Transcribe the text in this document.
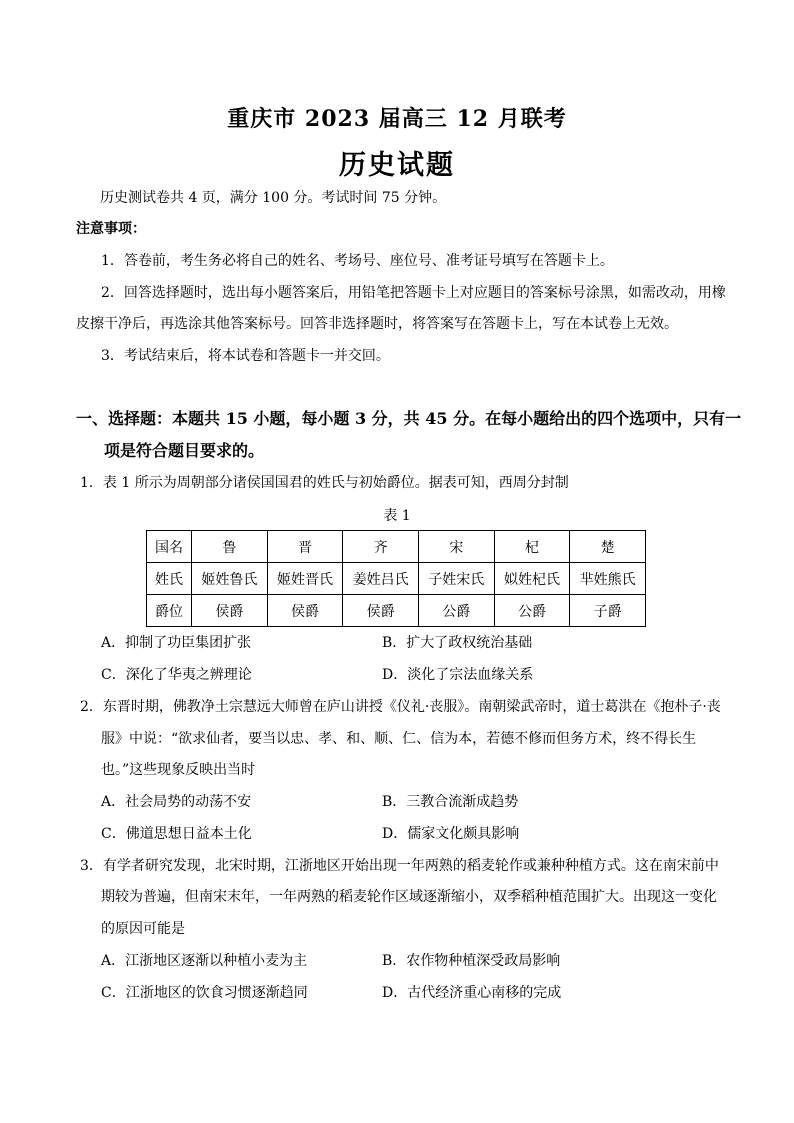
重庆市 2023 届高三 12 月联考
历史试题
历史测试卷共 4 页，满分 100 分。考试时间 75 分钟。
注意事项：
1．答卷前，考生务必将自己的姓名、考场号、座位号、准考证号填写在答题卡上。
2．回答选择题时，选出每小题答案后，用铅笔把答题卡上对应题目的答案标号涂黑，如需改动，用橡
皮擦干净后，再选涂其他答案标号。回答非选择题时，将答案写在答题卡上，写在本试卷上无效。
3．考试结束后，将本试卷和答题卡一并交回。
一、选择题：本题共 15 小题，每小题 3 分，共 45 分。在每小题给出的四个选项中，只有一
项是符合题目要求的。
1．表 1 所示为周朝部分诸侯国国君的姓氏与初始爵位。据表可知，西周分封制
表 1
国名	鲁	晋	齐	宋	杞	楚
姓氏	姬姓鲁氏	姬姓晋氏	姜姓吕氏	子姓宋氏	姒姓杞氏	芈姓熊氏
爵位	侯爵	侯爵	侯爵	公爵	公爵	子爵
A．抑制了功臣集团扩张	B．扩大了政权统治基础
C．深化了华夷之辨理论	D．淡化了宗法血缘关系
2．东晋时期，佛教净土宗慧远大师曾在庐山讲授《仪礼·丧服》。南朝梁武帝时，道士葛洪在《抱朴子·丧
服》中说：“欲求仙者，要当以忠、孝、和、顺、仁、信为本，若德不修而但务方术，终不得长生
也。”这些现象反映出当时
A．社会局势的动荡不安	B．三教合流渐成趋势
C．佛道思想日益本土化	D．儒家文化颇具影响
3．有学者研究发现，北宋时期，江浙地区开始出现一年两熟的稻麦轮作或兼种种植方式。这在南宋前中
期较为普遍，但南宋末年，一年两熟的稻麦轮作区域逐渐缩小，双季稻种植范围扩大。出现这一变化
的原因可能是
A．江浙地区逐渐以种植小麦为主	B．农作物种植深受政局影响
C．江浙地区的饮食习惯逐渐趋同	D．古代经济重心南移的完成
